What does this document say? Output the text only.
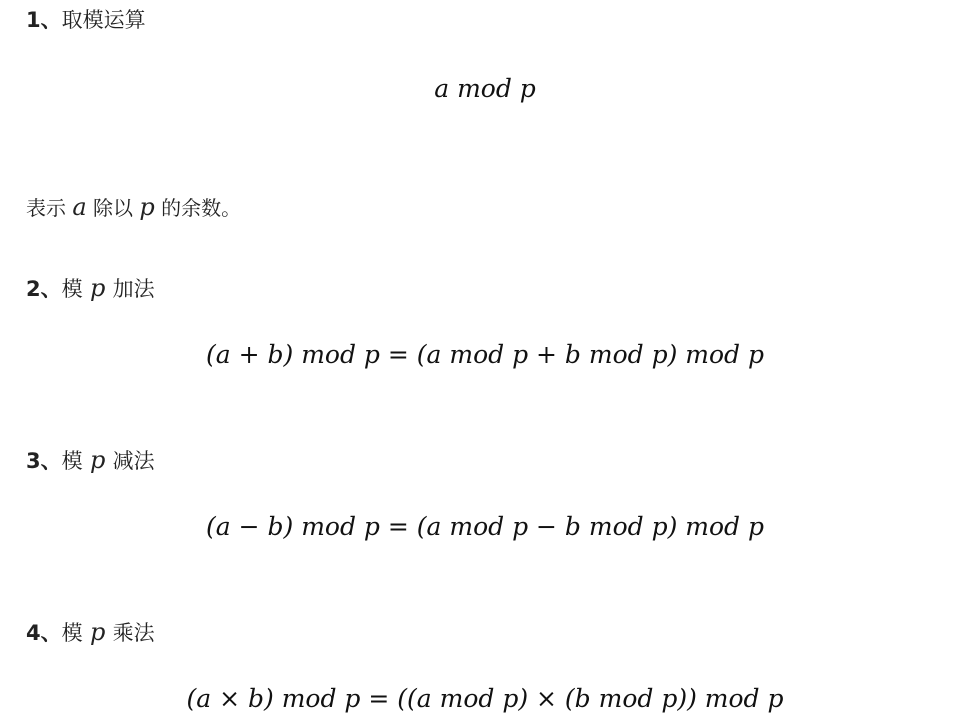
1、取模运算
a mod p
表示 a 除以 p 的余数。
2、模 p 加法
(a + b) mod p = (a mod p + b mod p) mod p
3、模 p 减法
(a − b) mod p = (a mod p − b mod p) mod p
4、模 p 乘法
(a × b) mod p = ((a mod p) × (b mod p)) mod p
